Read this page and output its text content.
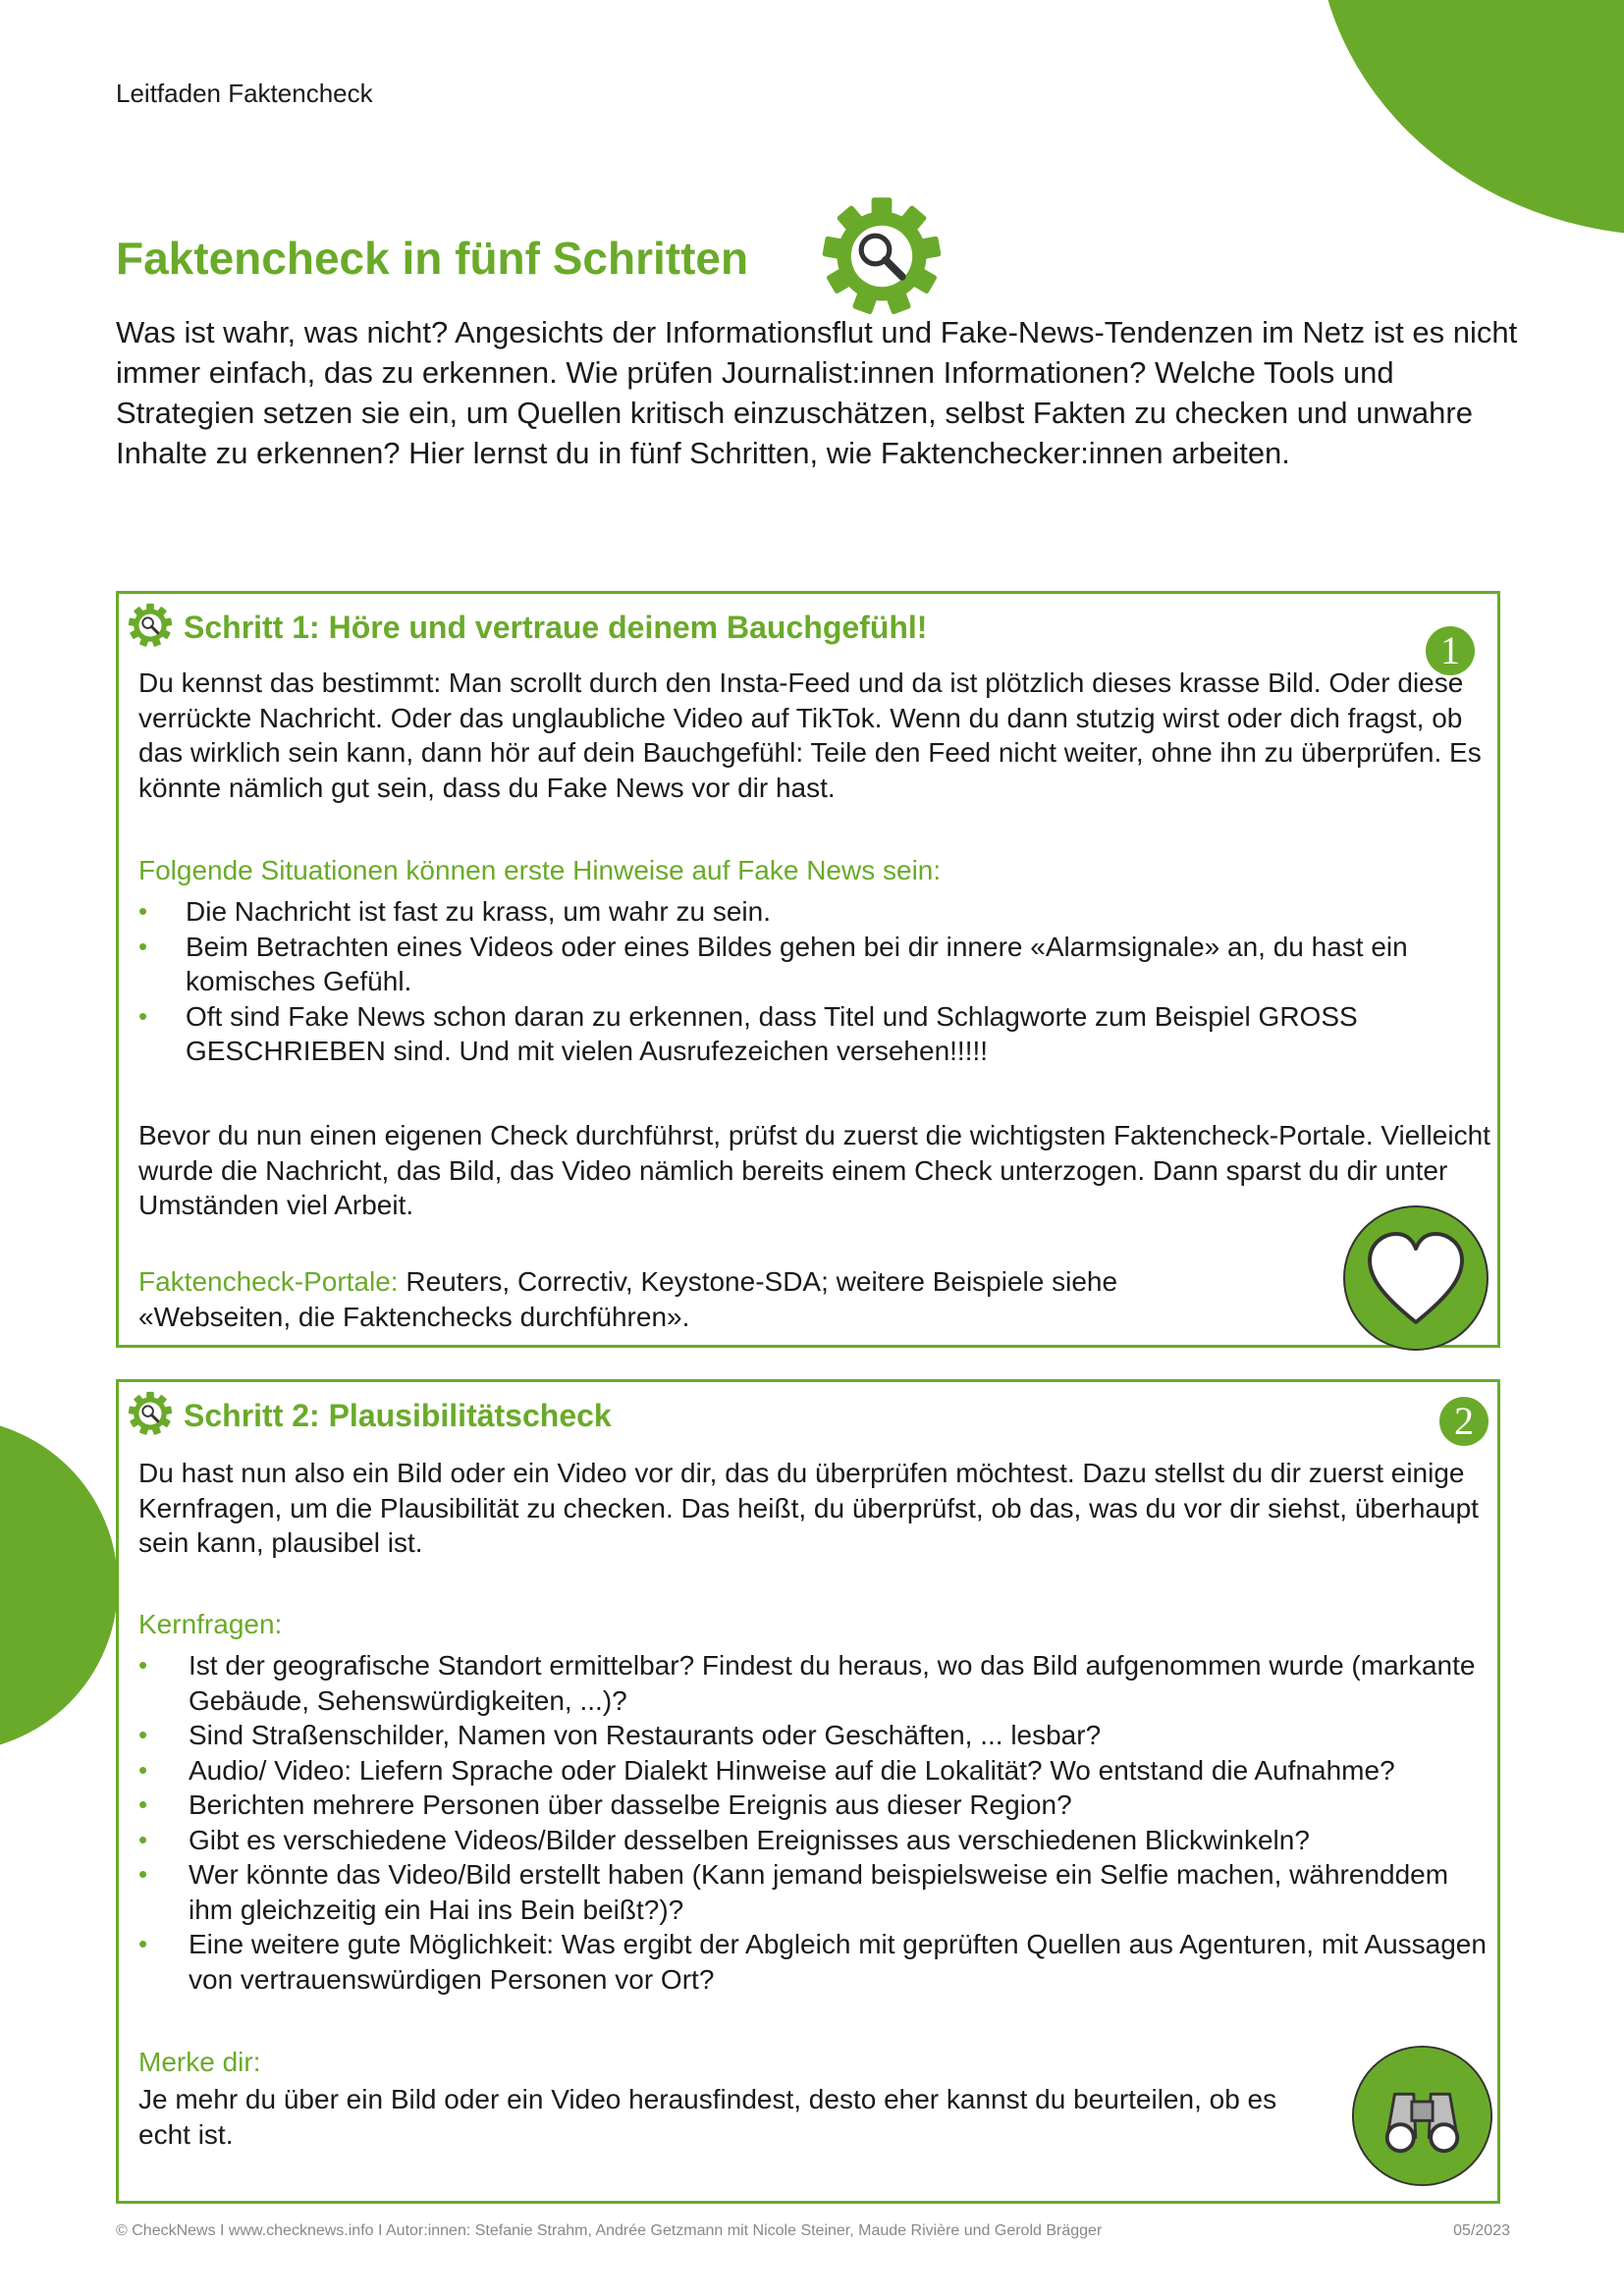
Leitfaden Faktencheck
Faktencheck in fünf Schritten

Was ist wahr, was nicht? Angesichts der Informationsflut und Fake-News-Tendenzen im Netz ist es nicht immer einfach, das zu erkennen. Wie prüfen Journalist:innen Informationen? Welche Tools und Strategien setzen sie ein, um Quellen kritisch einzuschätzen, selbst Fakten zu checken und unwahre Inhalte zu erkennen? Hier lernst du in fünf Schritten, wie Faktenchecker:innen arbeiten.

Schritt 1: Höre und vertraue deinem Bauchgefühl!
1

Du kennst das bestimmt: Man scrollt durch den Insta-Feed und da ist plötzlich dieses krasse Bild. Oder diese verrückte Nachricht. Oder das unglaubliche Video auf TikTok. Wenn du dann stutzig wirst oder dich fragst, ob das wirklich sein kann, dann hör auf dein Bauchgefühl: Teile den Feed nicht weiter, ohne ihn zu überprüfen. Es könnte nämlich gut sein, dass du Fake News vor dir hast.

Folgende Situationen können erste Hinweise auf Fake News sein:

• Die Nachricht ist fast zu krass, um wahr zu sein.
• Beim Betrachten eines Videos oder eines Bildes gehen bei dir innere «Alarmsignale» an, du hast ein komisches Gefühl.
• Oft sind Fake News schon daran zu erkennen, dass Titel und Schlagworte zum Beispiel GROSS GESCHRIEBEN sind. Und mit vielen Ausrufezeichen versehen!!!!!

Bevor du nun einen eigenen Check durchführst, prüfst du zuerst die wichtigsten Faktencheck-Portale. Vielleicht wurde die Nachricht, das Bild, das Video nämlich bereits einem Check unterzogen. Dann sparst du dir unter Umständen viel Arbeit.

Faktencheck-Portale: Reuters, Correctiv, Keystone-SDA; weitere Beispiele siehe «Webseiten, die Faktenchecks durchführen».

Schritt 2: Plausibilitätscheck	2

Du hast nun also ein Bild oder ein Video vor dir, das du überprüfen möchtest. Dazu stellst du dir zuerst einige Kernfragen, um die Plausibilität zu checken. Das heißt, du überprüfst, ob das, was du vor dir siehst, überhaupt sein kann, plausibel ist.

Kernfragen:

• Ist der geografische Standort ermittelbar? Findest du heraus, wo das Bild aufgenommen wurde (markante Gebäude, Sehenswürdigkeiten, ...)?
• Sind Straßenschilder, Namen von Restaurants oder Geschäften, ... lesbar?
• Audio/ Video: Liefern Sprache oder Dialekt Hinweise auf die Lokalität? Wo entstand die Aufnahme?
• Berichten mehrere Personen über dasselbe Ereignis aus dieser Region?
• Gibt es verschiedene Videos/Bilder desselben Ereignisses aus verschiedenen Blickwinkeln?
• Wer könnte das Video/Bild erstellt haben (Kann jemand beispielsweise ein Selfie machen, währenddem ihm gleichzeitig ein Hai ins Bein beißt?)?
• Eine weitere gute Möglichkeit: Was ergibt der Abgleich mit geprüften Quellen aus Agenturen, mit Aussagen von vertrauenswürdigen Personen vor Ort?

Merke dir:

Je mehr du über ein Bild oder ein Video herausfindest, desto eher kannst du beurteilen, ob es echt ist.

© CheckNews I www.checknews.info I Autor:innen: Stefanie Strahm, Andrée Getzmann mit Nicole Steiner, Maude Rivière und Gerold Brägger	05/2023
